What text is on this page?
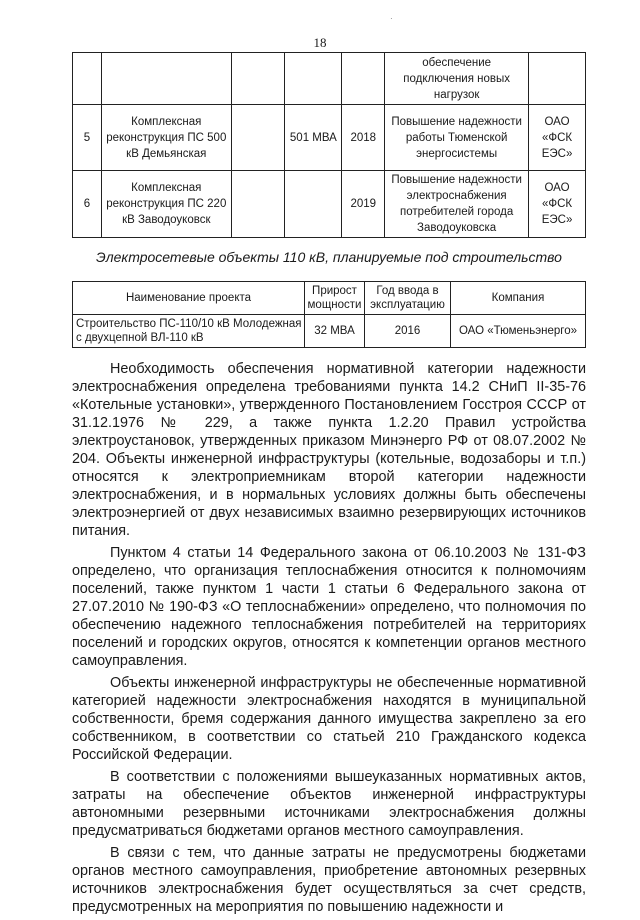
·
18
					обеспечение подключения новых нагрузок	
5	Комплексная реконструкция ПС 500 кВ Демьянская		501 МВА	2018	Повышение надежности работы Тюменской энергосистемы	ОАО «ФСК ЕЭС»
6	Комплексная реконструкция ПС 220 кВ Заводоуковск			2019	Повышение надежности электроснабжения потребителей города Заводоуковска	ОАО «ФСК ЕЭС»
Электросетевые объекты 110 кВ, планируемые под строительство
Наименование проекта	Прирост мощности	Год ввода в эксплуатацию	Компания
Строительство ПС-110/10 кВ Молодежная с двухцепной ВЛ-110 кВ	32 МВА	2016	ОАО «Тюменьэнерго»

Необходимость обеспечения нормативной категории надежности электроснабжения определена требованиями пункта 14.2 СНиП II-35-76 «Котельные установки», утвержденного Постановлением Госстроя СССР от 31.12.1976 № 229, а также пункта 1.2.20 Правил устройства электроустановок, утвержденных приказом Минэнерго РФ от 08.07.2002 № 204. Объекты инженерной инфраструктуры (котельные, водозаборы и т.п.) относятся к электроприемникам второй категории надежности электроснабжения, и в нормальных условиях должны быть обеспечены электроэнергией от двух независимых взаимно резервирующих источников питания.

Пунктом 4 статьи 14 Федерального закона от 06.10.2003 № 131-ФЗ определено, что организация теплоснабжения относится к полномочиям поселений, также пунктом 1 части 1 статьи 6 Федерального закона от 27.07.2010 № 190-ФЗ «О теплоснабжении» определено, что полномочия по обеспечению надежного теплоснабжения потребителей на территориях поселений и городских округов, относятся к компетенции органов местного самоуправления.

Объекты инженерной инфраструктуры не обеспеченные нормативной категорией надежности электроснабжения находятся в муниципальной собственности, бремя содержания данного имущества закреплено за его собственником, в соответствии со статьей 210 Гражданского кодекса Российской Федерации.

В соответствии с положениями вышеуказанных нормативных актов, затраты на обеспечение объектов инженерной инфраструктуры автономными резервными источниками электроснабжения должны предусматриваться бюджетами органов местного самоуправления.

В связи с тем, что данные затраты не предусмотрены бюджетами органов местного самоуправления, приобретение автономных резервных источников электроснабжения будет осуществляться за счет средств, предусмотренных на мероприятия по повышению надежности и
